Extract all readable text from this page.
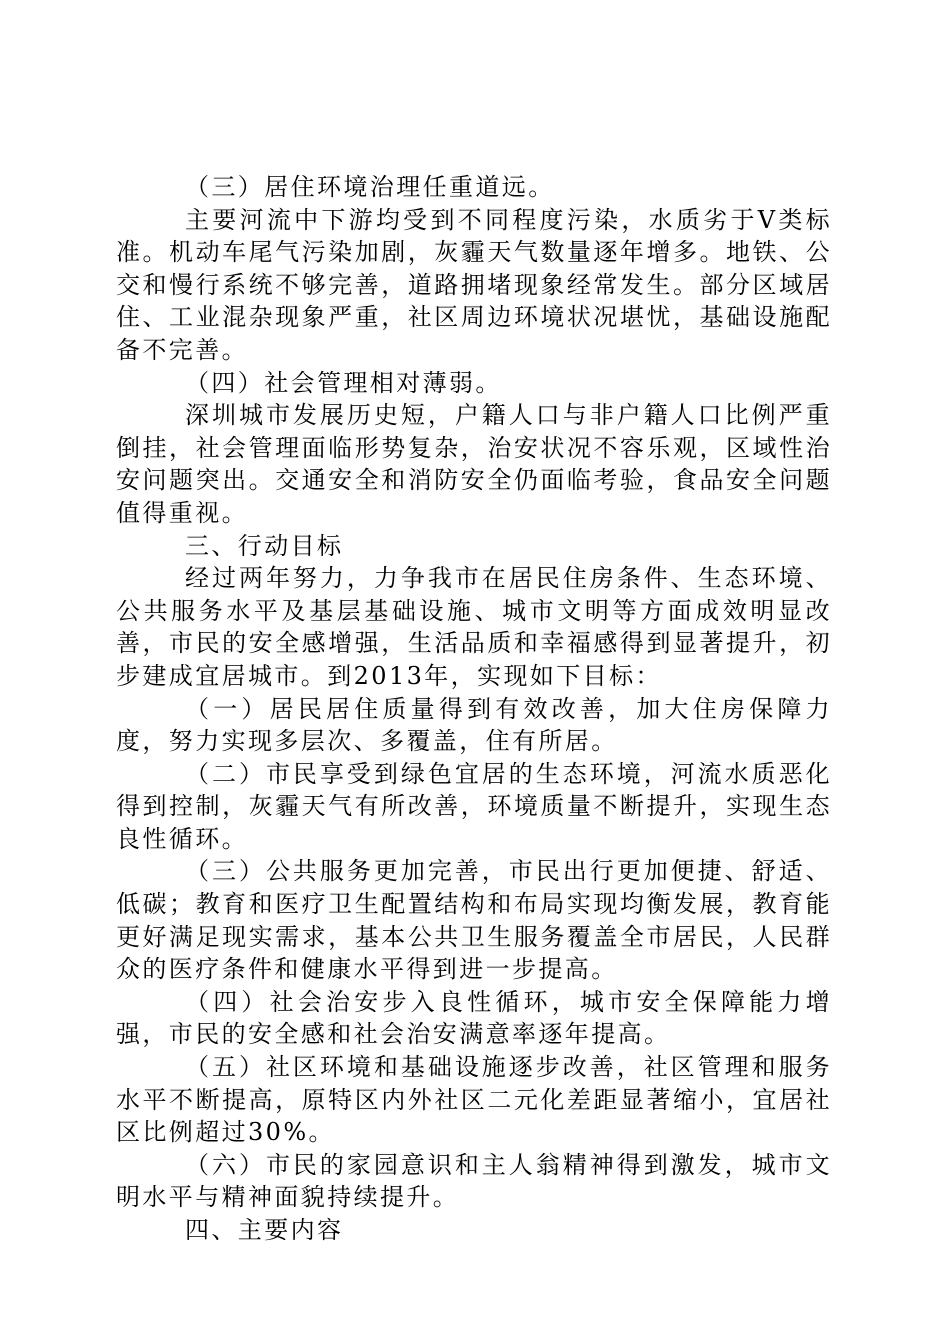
（三）居住环境治理任重道远。

主要河流中下游均受到不同程度污染，水质劣于Ⅴ类标准。机动车尾气污染加剧，灰霾天气数量逐年增多。地铁、公交和慢行系统不够完善，道路拥堵现象经常发生。部分区域居住、工业混杂现象严重，社区周边环境状况堪忧，基础设施配备不完善。

（四）社会管理相对薄弱。

深圳城市发展历史短，户籍人口与非户籍人口比例严重倒挂，社会管理面临形势复杂，治安状况不容乐观，区域性治安问题突出。交通安全和消防安全仍面临考验，食品安全问题值得重视。

三、行动目标

经过两年努力，力争我市在居民住房条件、生态环境、公共服务水平及基层基础设施、城市文明等方面成效明显改善，市民的安全感增强，生活品质和幸福感得到显著提升，初步建成宜居城市。到2013年，实现如下目标：

（一）居民居住质量得到有效改善，加大住房保障力度，努力实现多层次、多覆盖，住有所居。

（二）市民享受到绿色宜居的生态环境，河流水质恶化得到控制，灰霾天气有所改善，环境质量不断提升，实现生态良性循环。

（三）公共服务更加完善，市民出行更加便捷、舒适、低碳；教育和医疗卫生配置结构和布局实现均衡发展，教育能更好满足现实需求，基本公共卫生服务覆盖全市居民，人民群众的医疗条件和健康水平得到进一步提高。

（四）社会治安步入良性循环，城市安全保障能力增强，市民的安全感和社会治安满意率逐年提高。

（五）社区环境和基础设施逐步改善，社区管理和服务水平不断提高，原特区内外社区二元化差距显著缩小，宜居社区比例超过30%。

（六）市民的家园意识和主人翁精神得到激发，城市文明水平与精神面貌持续提升。

四、主要内容
